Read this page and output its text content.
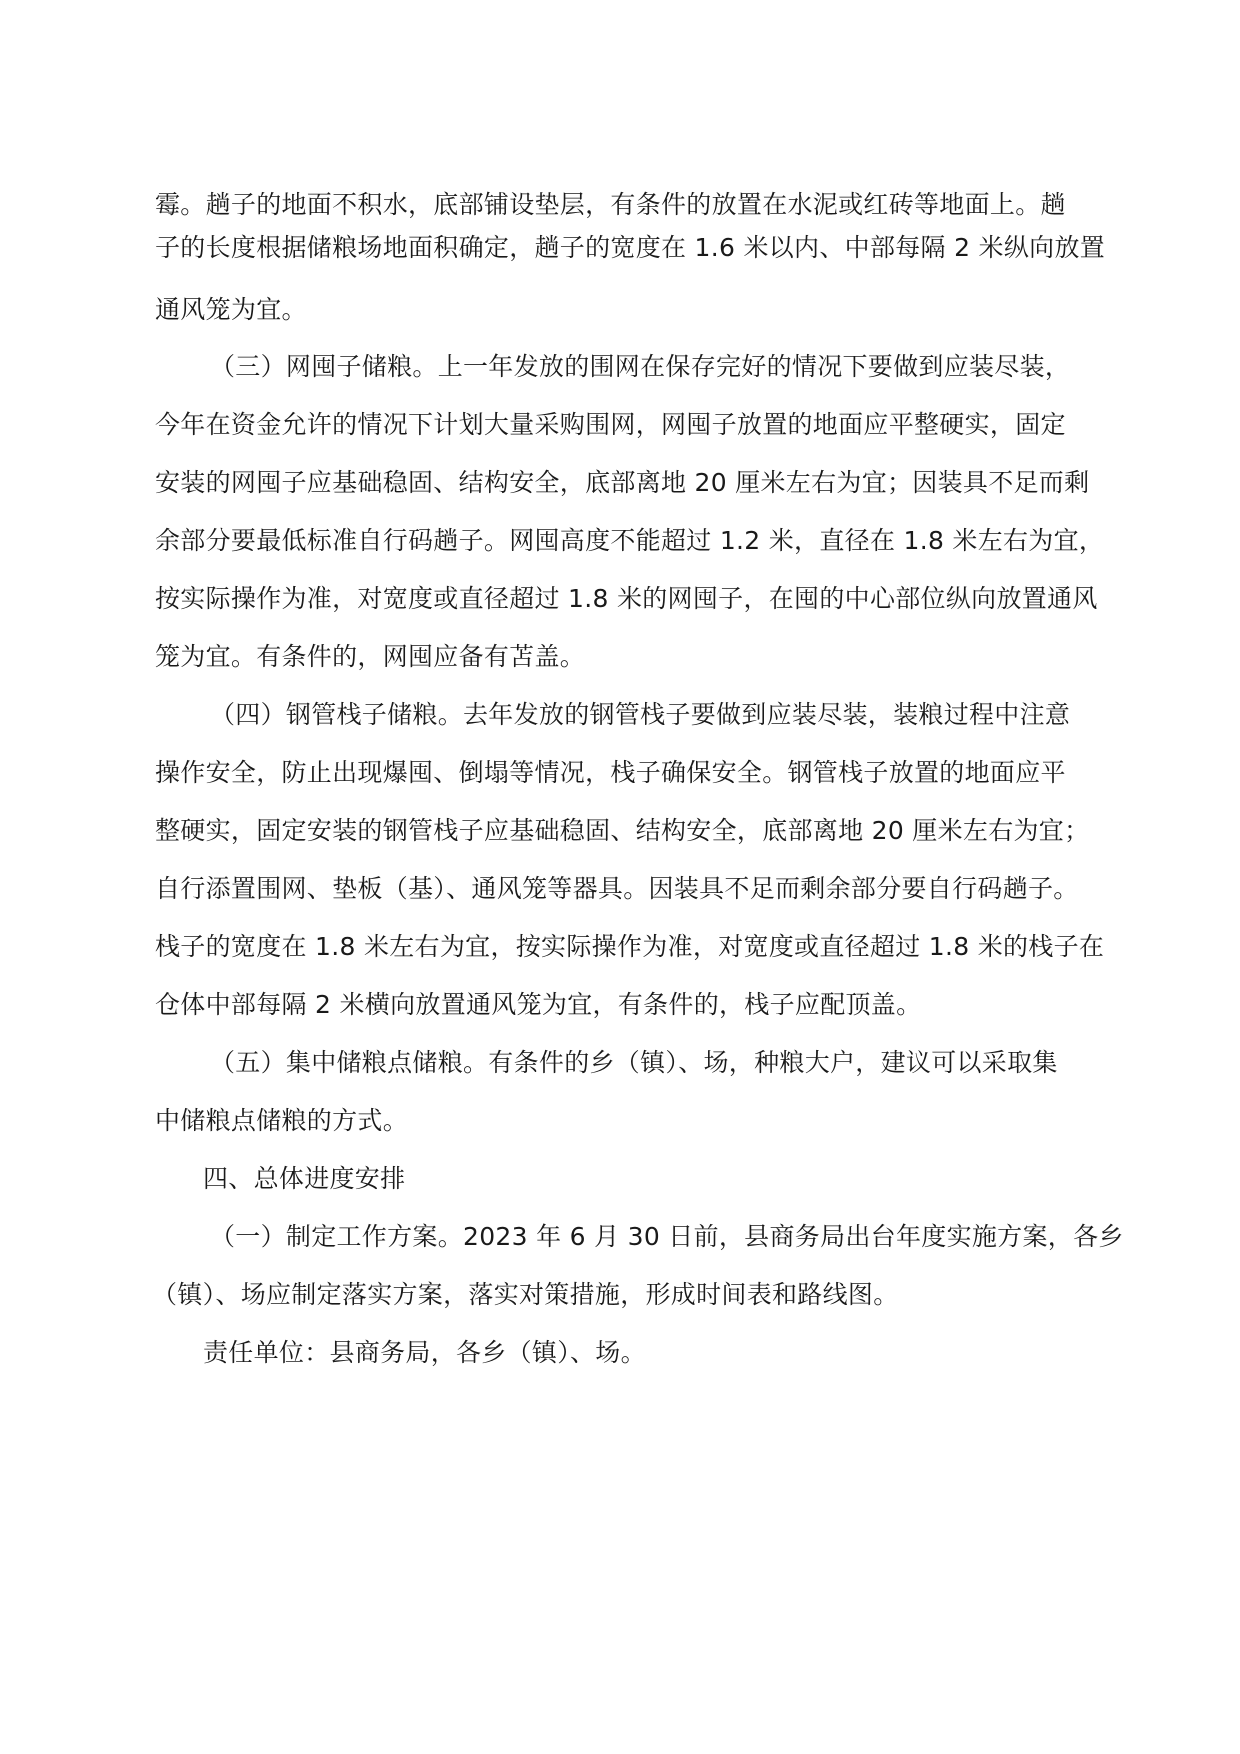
霉。趟子的地面不积水，底部铺设垫层，有条件的放置在水泥或红砖等地面上。趟
子的长度根据储粮场地面积确定，趟子的宽度在 1.6 米以内、中部每隔 2 米纵向放置
通风笼为宜。
（三）网囤子储粮。上一年发放的围网在保存完好的情况下要做到应装尽装，
今年在资金允许的情况下计划大量采购围网，网囤子放置的地面应平整硬实，固定
安装的网囤子应基础稳固、结构安全，底部离地 20 厘米左右为宜；因装具不足而剩
余部分要最低标准自行码趟子。网囤高度不能超过 1.2 米，直径在 1.8 米左右为宜，
按实际操作为准，对宽度或直径超过 1.8 米的网囤子，在囤的中心部位纵向放置通风
笼为宜。有条件的，网囤应备有苫盖。
（四）钢管栈子储粮。去年发放的钢管栈子要做到应装尽装，装粮过程中注意
操作安全，防止出现爆囤、倒塌等情况，栈子确保安全。钢管栈子放置的地面应平
整硬实，固定安装的钢管栈子应基础稳固、结构安全，底部离地 20 厘米左右为宜；
自行添置围网、垫板（基）、通风笼等器具。因装具不足而剩余部分要自行码趟子。
栈子的宽度在 1.8 米左右为宜，按实际操作为准，对宽度或直径超过 1.8 米的栈子在
仓体中部每隔 2 米横向放置通风笼为宜，有条件的，栈子应配顶盖。
（五）集中储粮点储粮。有条件的乡（镇）、场，种粮大户，建议可以采取集
中储粮点储粮的方式。
四、总体进度安排
（一）制定工作方案。2023 年 6 月 30 日前，县商务局出台年度实施方案，各乡
（镇）、场应制定落实方案，落实对策措施，形成时间表和路线图。
责任单位：县商务局，各乡（镇）、场。
